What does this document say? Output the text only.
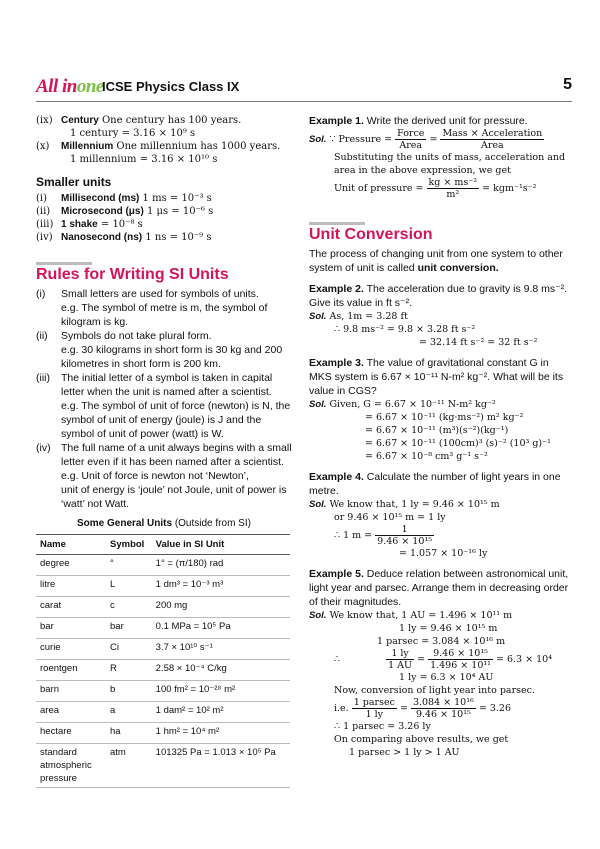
All inone
ICSE Physics Class IX	5
(ix) Century One century has 100 years.

1 century = 3.16 × 10⁹ s

(x)	Millennium One millennium has 1000 years.

1 millennium = 3.16 × 10¹⁰ s

Smaller units
(i)	Millisecond (ms) 1 ms = 10⁻³ s
(ii)	Microsecond (μs) 1 μs = 10⁻⁶ s
(iii) 1 shake = 10⁻⁸ s
(iv) Nanosecond (ns) 1 ns = 10⁻⁹ s
Rules for Writing SI Units
(i)	Small letters are used for symbols of units.

e.g. The symbol of metre is m, the symbol of kilogram is kg.

(ii)	Symbols do not take plural form.

e.g. 30 kilograms in short form is 30 kg and 200 kilometres in short form is 200 km.

(iii)	The initial letter of a symbol is taken in capital letter when the unit is named after a scientist.

e.g. The symbol of unit of force (newton) is N, the symbol of unit of energy (joule) is J and the symbol of unit of power (watt) is W.

(iv) The full name of a unit always begins with a small letter even if it has been named after a scientist.

e.g. Unit of force is newton not ‘Newton’,

unit of energy is ‘joule’ not Joule, unit of power is ‘watt’ not Watt.

Some General Units (Outside from SI)
Name	Symbol	Value in SI Unit
degree	°	1° = (π/180) rad
litre	L	1 dm³ = 10⁻³ m³
carat	c	200 mg
bar	bar	0.1 MPa = 10⁵ Pa
curie	Ci	3.7 × 10¹⁰ s⁻¹
roentgen	R	2.58 × 10⁻⁴ C/kg
barn	b	100 fm² = 10⁻²⁸ m²
area	a	1 dam² = 10² m²
hectare	ha	1 hm² = 10⁴ m²
standard atmospheric pressure	atm	101325 Pa = 1.013 × 10⁵ Pa

Example 1. Write the derived unit for pressure.

Sol. ∵ Pressure = $\frac{\text{Force}}{\text{Area}} = \frac{\text{Mass × Acceleration}}{\text{Area}}$

Substituting the units of mass, acceleration and area in the above expression, we get

Unit of pressure = $\frac{\text{kg × ms⁻²}}{\text{m²}} = kgm^{-1}s^{-2}$

Unit Conversion

The process of changing unit from one system to other system of unit is called unit conversion.

Example 2. The acceleration due to gravity is 9.8 ms⁻². Give its value in ft s⁻².

Sol. As, 1m = 3.28 ft

∴ 9.8 ms⁻² = 9.8 × 3.28 ft s⁻²

= 32.14 ft s⁻² = 32 ft s⁻²

Example 3. The value of gravitational constant G in MKS system is 6.67 × 10⁻¹¹ N-m² kg⁻². What will be its value in CGS?

Sol. Given, G = 6.67 × 10⁻¹¹ N-m² kg⁻²

= 6.67 × 10⁻¹¹ (kg·ms⁻²) m² kg⁻²

= 6.67 × 10⁻¹¹ (m³)(s⁻²)(kg⁻¹)

= 6.67 × 10⁻¹¹ (100cm)³ (s)⁻² (10³ g)⁻¹

= 6.67 × 10⁻⁸ cm³ g⁻¹ s⁻²

Example 4. Calculate the number of light years in one metre.

Sol. We know that, 1 ly = 9.46 × 10¹⁵ m

or 9.46 × 10¹⁵ m = 1 ly

∴ 1 $m = \frac{1}{\text{9.46 × 10¹⁵}}$

= 1.057 × 10⁻¹⁶ ly

Example 5. Deduce relation between astronomical unit, light year and parsec. Arrange them in decreasing order of their magnitudes.

Sol. We know that, 1 AU = 1.496 × 10¹¹ m

1 ly = 9.46 × 10¹⁵ m

1 parsec = 3.084 × 10¹⁶ m

∴	$\frac{1 ly}{1 AU} = \frac{\text{9.46 × 10¹⁵}}{\text{1.496 × 10¹¹}} = 6.3 \times 10^4$

1 ly = 6.3 × 10⁴ AU

Now, conversion of light year into parsec.

i.e. $\frac{\text{1 parsec}}{1 ly} = \frac{\text{3.084 × 10¹⁶}}{\text{9.46 × 10¹⁵}} = 3.26$

∴ 1 parsec = 3.26 ly

On comparing above results, we get

1 parsec > 1 ly > 1 AU
